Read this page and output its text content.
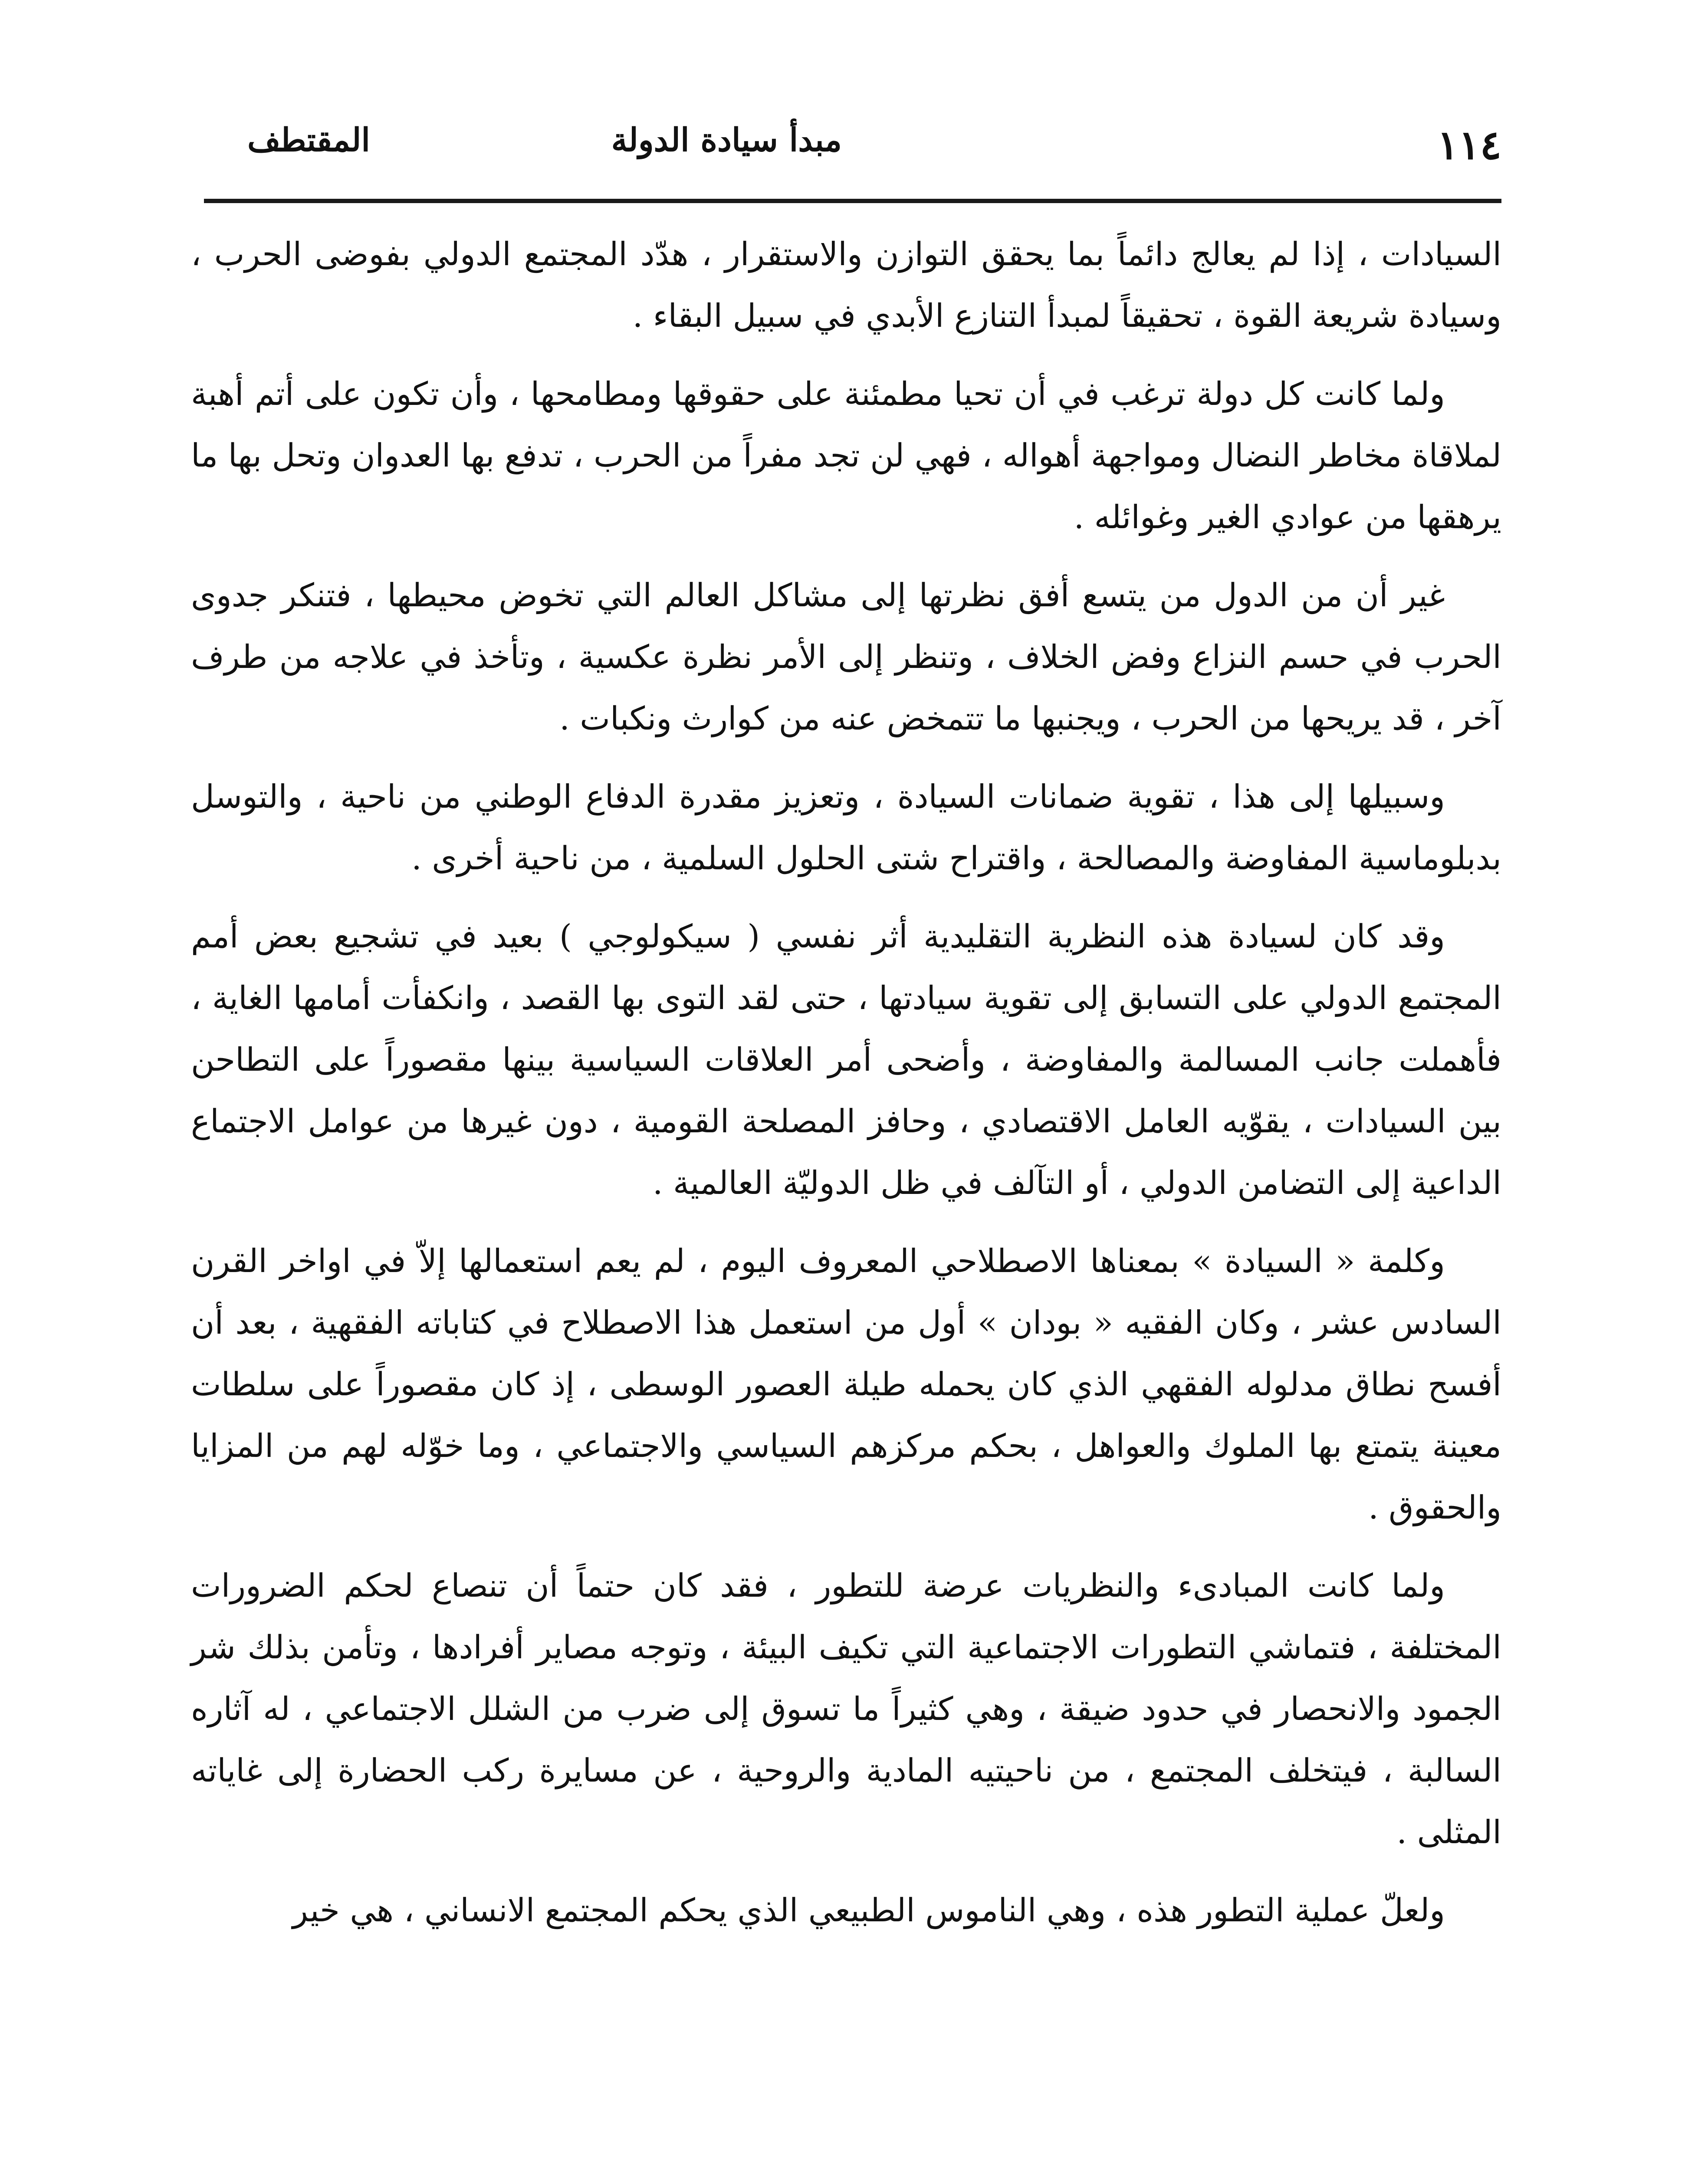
١١٤
مبدأ سيادة الدولة
المقتطف

السيادات ، إذا لم يعالج دائماً بما يحقق التوازن والاستقرار ، هدّد المجتمع الدولي بفوضى الحرب ، وسيادة شريعة القوة ، تحقيقاً لمبدأ التنازع الأبدي في سبيل البقاء .

ولما كانت كل دولة ترغب في أن تحيا مطمئنة على حقوقها ومطامحها ، وأن تكون على أتم أهبة لملاقاة مخاطر النضال ومواجهة أهواله ، فهي لن تجد مفراً من الحرب ، تدفع بها العدوان وتحل بها ما يرهقها من عوادي الغير وغوائله .

غير أن من الدول من يتسع أفق نظرتها إلى مشاكل العالم التي تخوض محيطها ، فتنكر جدوى الحرب في حسم النزاع وفض الخلاف ، وتنظر إلى الأمر نظرة عكسية ، وتأخذ في علاجه من طرف آخر ، قد يريحها من الحرب ، ويجنبها ما تتمخض عنه من كوارث ونكبات .

وسبيلها إلى هذا ، تقوية ضمانات السيادة ، وتعزيز مقدرة الدفاع الوطني من ناحية ، والتوسل بدبلوماسية المفاوضة والمصالحة ، واقتراح شتى الحلول السلمية ، من ناحية أخرى .

وقد كان لسيادة هذه النظرية التقليدية أثر نفسي ( سيكولوجي ) بعيد في تشجيع بعض أمم المجتمع الدولي على التسابق إلى تقوية سيادتها ، حتى لقد التوى بها القصد ، وانكفأت أمامها الغاية ، فأهملت جانب المسالمة والمفاوضة ، وأضحى أمر العلاقات السياسية بينها مقصوراً على التطاحن بين السيادات ، يقوّيه العامل الاقتصادي ، وحافز المصلحة القومية ، دون غيرها من عوامل الاجتماع الداعية إلى التضامن الدولي ، أو التآلف في ظل الدوليّة العالمية .

وكلمة « السيادة » بمعناها الاصطلاحي المعروف اليوم ، لم يعم استعمالها إلاّ في اواخر القرن السادس عشر ، وكان الفقيه « بودان » أول من استعمل هذا الاصطلاح في كتاباته الفقهية ، بعد أن أفسح نطاق مدلوله الفقهي الذي كان يحمله طيلة العصور الوسطى ، إذ كان مقصوراً على سلطات معينة يتمتع بها الملوك والعواهل ، بحكم مركزهم السياسي والاجتماعي ، وما خوّله لهم من المزايا والحقوق .

ولما كانت المبادىء والنظريات عرضة للتطور ، فقد كان حتماً أن تنصاع لحكم الضرورات المختلفة ، فتماشي التطورات الاجتماعية التي تكيف البيئة ، وتوجه مصاير أفرادها ، وتأمن بذلك شر الجمود والانحصار في حدود ضيقة ، وهي كثيراً ما تسوق إلى ضرب من الشلل الاجتماعي ، له آثاره السالبة ، فيتخلف المجتمع ، من ناحيتيه المادية والروحية ، عن مسايرة ركب الحضارة إلى غاياته المثلى .

ولعلّ عملية التطور هذه ، وهي الناموس الطبيعي الذي يحكم المجتمع الانساني ، هي خير
